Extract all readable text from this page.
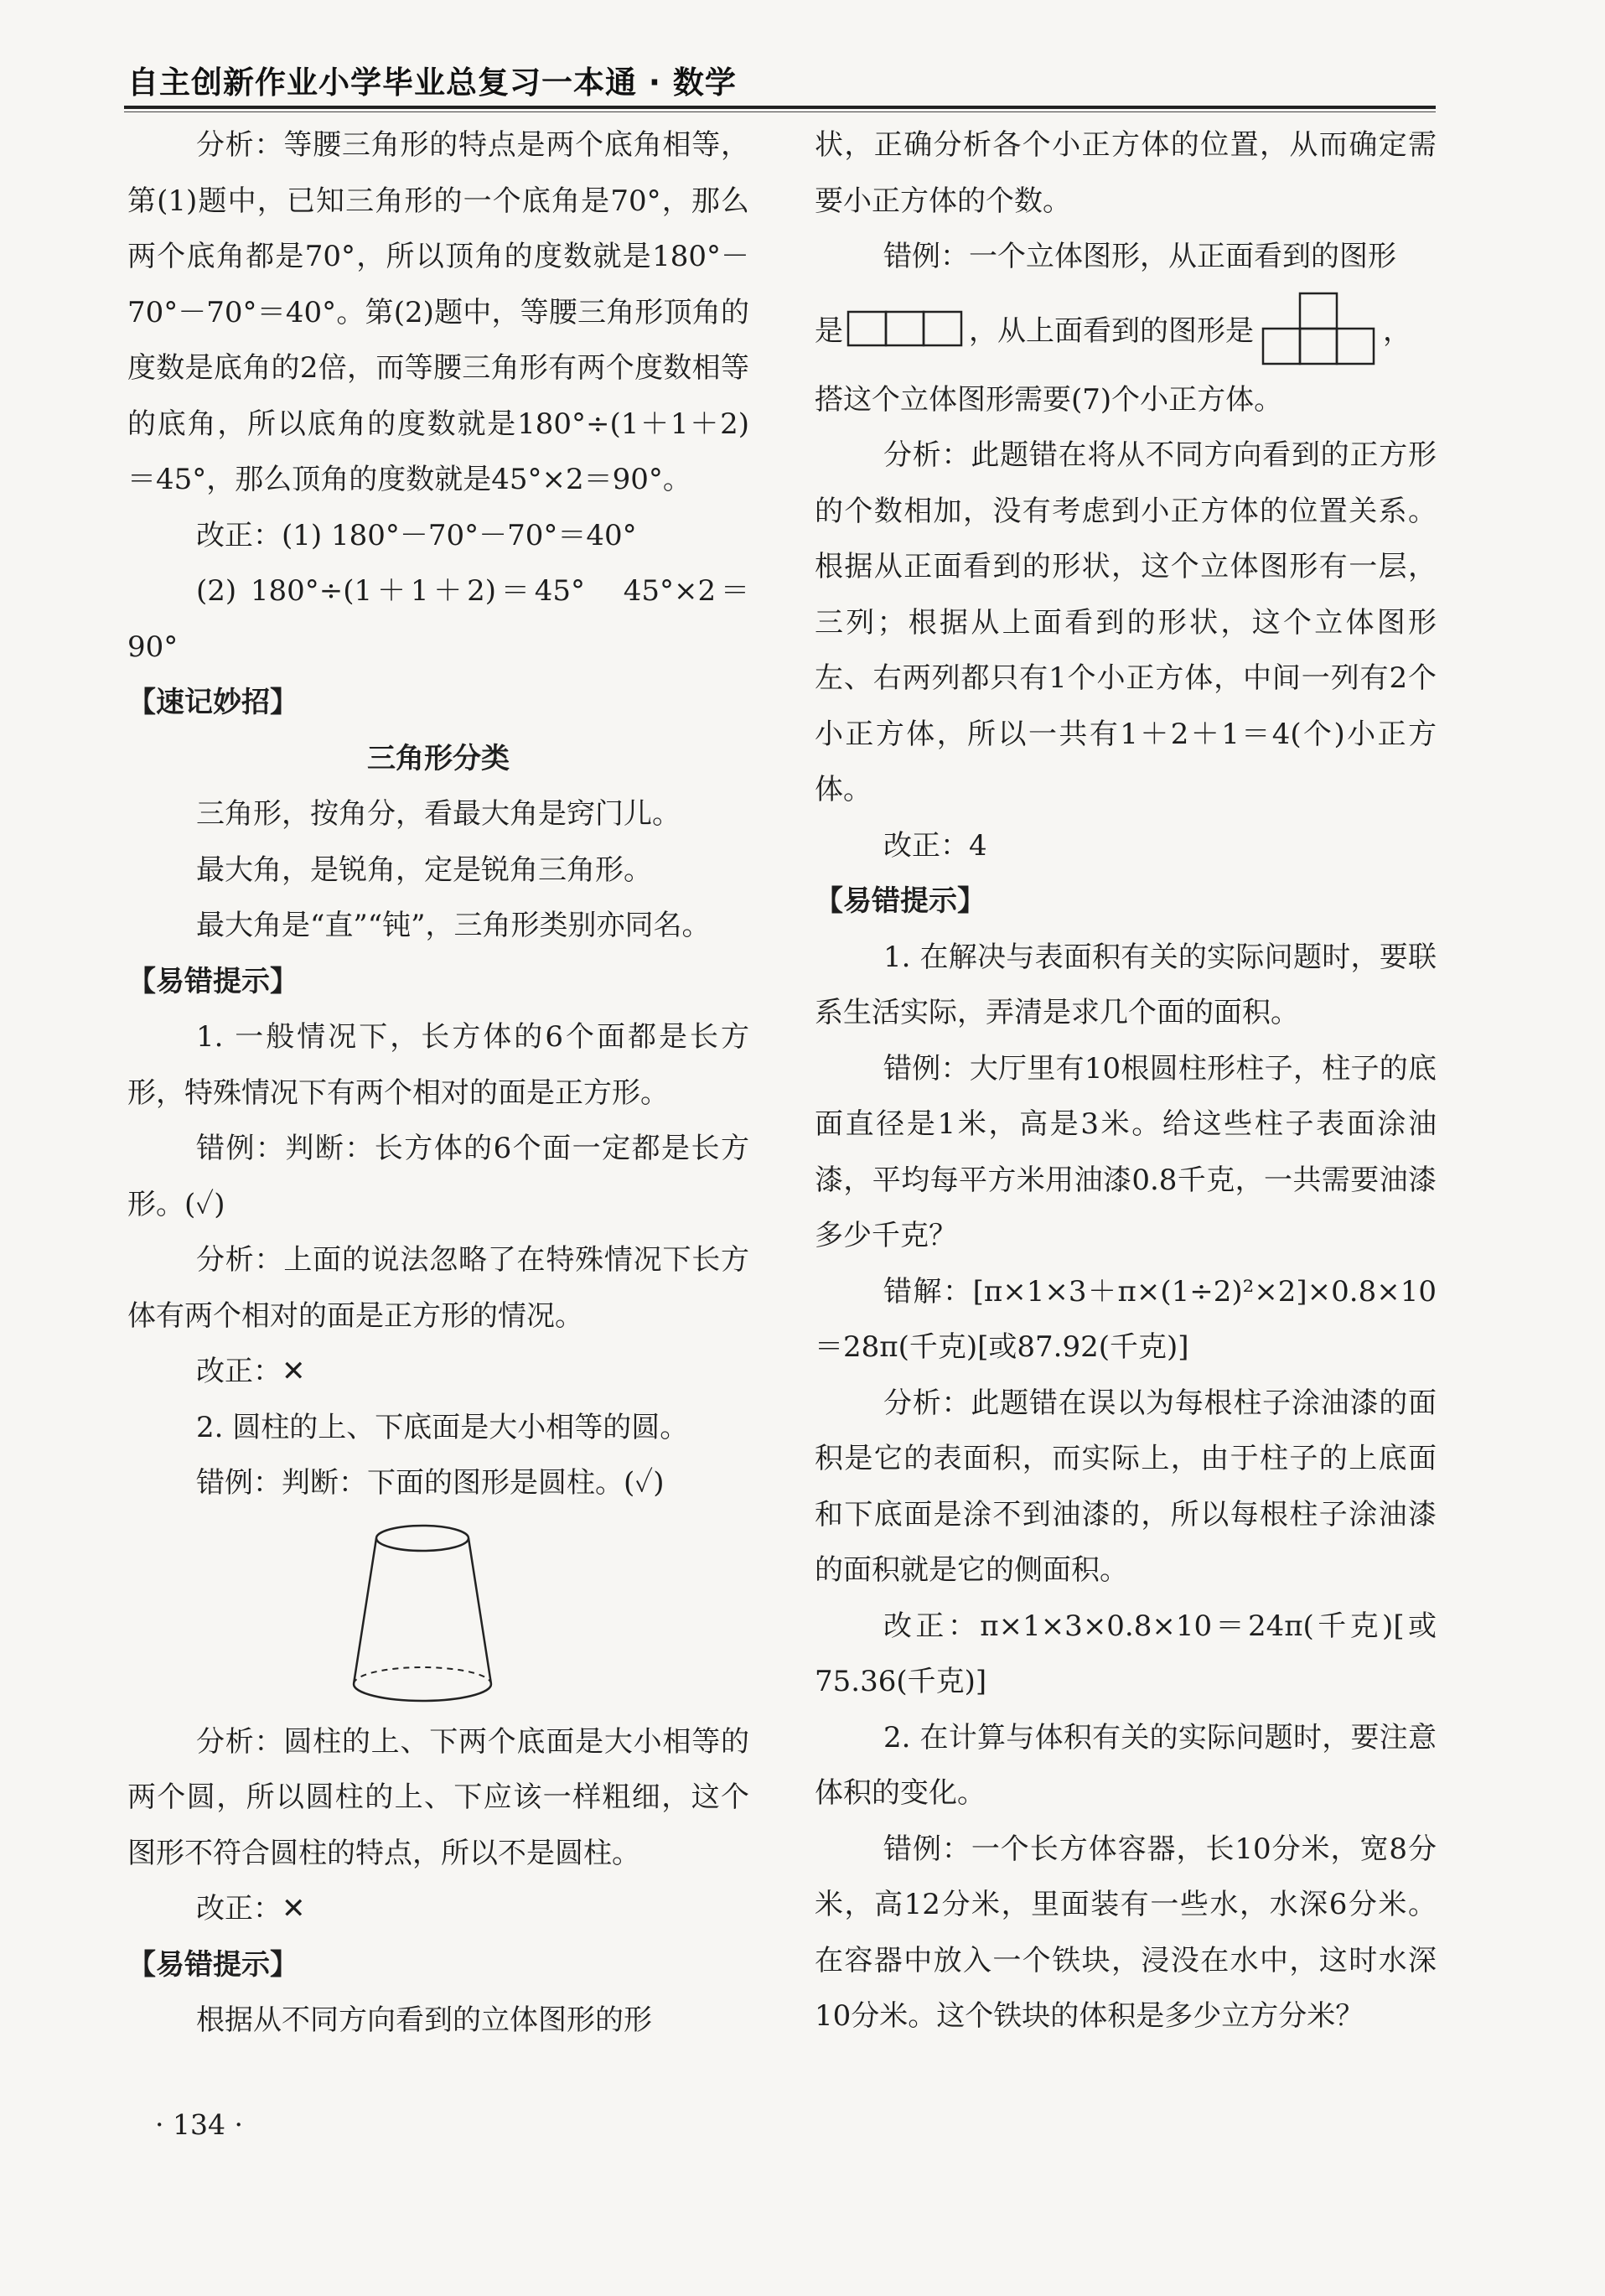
自主创新作业小学毕业总复习一本通 · 数学

分析：等腰三角形的特点是两个底角相等，第(1)题中，已知三角形的一个底角是70°，那么两个底角都是70°，所以顶角的度数就是180°－70°－70°＝40°。第(2)题中，等腰三角形顶角的度数是底角的2倍，而等腰三角形有两个度数相等的底角，所以底角的度数就是180°÷(1＋1＋2)＝45°，那么顶角的度数就是45°×2＝90°。

改正：(1) 180°－70°－70°＝40°

(2) 180°÷(1＋1＋2)＝45°　45°×2＝90°

【速记妙招】

三角形分类

三角形，按角分，看最大角是窍门儿。

最大角，是锐角，定是锐角三角形。

最大角是“直”“钝”，三角形类别亦同名。

【易错提示】

1. 一般情况下，长方体的6个面都是长方形，特殊情况下有两个相对的面是正方形。

错例：判断：长方体的6个面一定都是长方形。(✓)

分析：上面的说法忽略了在特殊情况下长方体有两个相对的面是正方形的情况。

改正：✕

2. 圆柱的上、下底面是大小相等的圆。

错例：判断：下面的图形是圆柱。(✓)

分析：圆柱的上、下两个底面是大小相等的两个圆，所以圆柱的上、下应该一样粗细，这个图形不符合圆柱的特点，所以不是圆柱。

改正：✕

【易错提示】

根据从不同方向看到的立体图形的形

状，正确分析各个小正方体的位置，从而确定需要小正方体的个数。

错例：一个立体图形，从正面看到的图形

是	，从上面看到的图形是	，

搭这个立体图形需要(7)个小正方体。

分析：此题错在将从不同方向看到的正方形的个数相加，没有考虑到小正方体的位置关系。根据从正面看到的形状，这个立体图形有一层，三列；根据从上面看到的形状，这个立体图形左、右两列都只有1个小正方体，中间一列有2个小正方体，所以一共有1＋2＋1＝4(个)小正方体。

改正：4

【易错提示】

1. 在解决与表面积有关的实际问题时，要联系生活实际，弄清是求几个面的面积。

错例：大厅里有10根圆柱形柱子，柱子的底面直径是1米，高是3米。给这些柱子表面涂油漆，平均每平方米用油漆0.8千克，一共需要油漆多少千克？

错解：[π×1×3＋π×(1÷2)²×2]×0.8×10＝28π(千克)[或87.92(千克)]

分析：此题错在误以为每根柱子涂油漆的面积是它的表面积，而实际上，由于柱子的上底面和下底面是涂不到油漆的，所以每根柱子涂油漆的面积就是它的侧面积。

改正：π×1×3×0.8×10＝24π(千克)[或75.36(千克)]

2. 在计算与体积有关的实际问题时，要注意体积的变化。

错例：一个长方体容器，长10分米，宽8分米，高12分米，里面装有一些水，水深6分米。在容器中放入一个铁块，浸没在水中，这时水深10分米。这个铁块的体积是多少立方分米？

· 134 ·
